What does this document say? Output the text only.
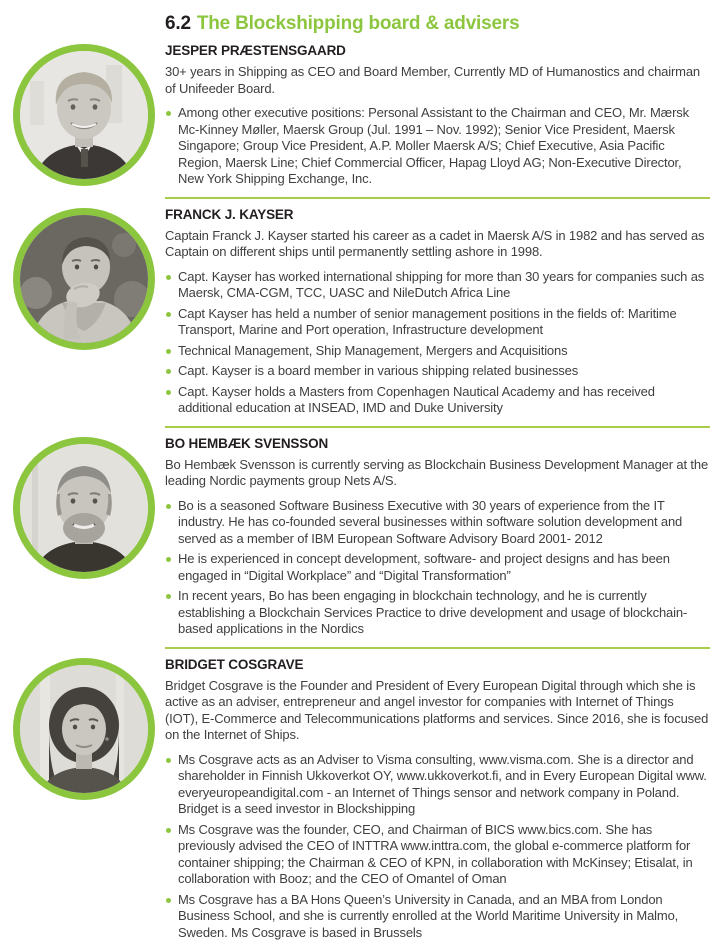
6.2 The Blockshipping board & advisers
JESPER PRÆSTENSGAARD

30+ years in Shipping as CEO and Board Member, Currently MD of Humanostics and chairman of Unifeeder Board.

Among other executive positions: Personal Assistant to the Chairman and CEO, Mr. Mærsk Mc-Kinney Møller, Maersk Group (Jul. 1991 – Nov. 1992); Senior Vice President, Maersk Singapore; Group Vice President, A.P. Moller Maersk A/S; Chief Executive, Asia Pacific Region, Maersk Line; Chief Commercial Officer, Hapag Lloyd AG; Non-Executive Director, New York Shipping Exchange, Inc.
FRANCK J. KAYSER

Captain Franck J. Kayser started his career as a cadet in Maersk A/S in 1982 and has served as Captain on different ships until permanently settling ashore in 1998.

Capt. Kayser has worked international shipping for more than 30 years for companies such as Maersk, CMA-CGM, TCC, UASC and NileDutch Africa Line
Capt Kayser has held a number of senior management positions in the fields of: Maritime Transport, Marine and Port operation, Infrastructure development
Technical Management, Ship Management, Mergers and Acquisitions
Capt. Kayser is a board member in various shipping related businesses
Capt. Kayser holds a Masters from Copenhagen Nautical Academy and has received additional education at INSEAD, IMD and Duke University
BO HEMBÆK SVENSSON

Bo Hembæk Svensson is currently serving as Blockchain Business Development Manager at the leading Nordic payments group Nets A/S.

Bo is a seasoned Software Business Executive with 30 years of experience from the IT industry. He has co-founded several businesses within software solution development and served as a member of IBM European Software Advisory Board 2001- 2012
He is experienced in concept development, software- and project designs and has been engaged in “Digital Workplace” and “Digital Transformation”
In recent years, Bo has been engaging in blockchain technology, and he is currently establishing a Blockchain Services Practice to drive development and usage of blockchain-based applications in the Nordics
BRIDGET COSGRAVE

Bridget Cosgrave is the Founder and President of Every European Digital through which she is active as an adviser, entrepreneur and angel investor for companies with Internet of Things (IOT), E-Commerce and Telecommunications platforms and services. Since 2016, she is focused on the Internet of Ships.

Ms Cosgrave acts as an Adviser to Visma consulting, www.visma.com. She is a director and shareholder in Finnish Ukkoverkot OY, www.ukkoverkot.fi, and in Every European Digital www. everyeuropeandigital.com - an Internet of Things sensor and network company in Poland. Bridget is a seed investor in Blockshipping
Ms Cosgrave was the founder, CEO, and Chairman of BICS www.bics.com. She has previously advised the CEO of INTTRA www.inttra.com, the global e-commerce platform for container shipping; the Chairman & CEO of KPN, in collaboration with McKinsey; Etisalat, in collaboration with Booz; and the CEO of Omantel of Oman
Ms Cosgrave has a BA Hons Queen’s University in Canada, and an MBA from London Business School, and she is currently enrolled at the World Maritime University in Malmo, Sweden. Ms Cosgrave is based in Brussels
